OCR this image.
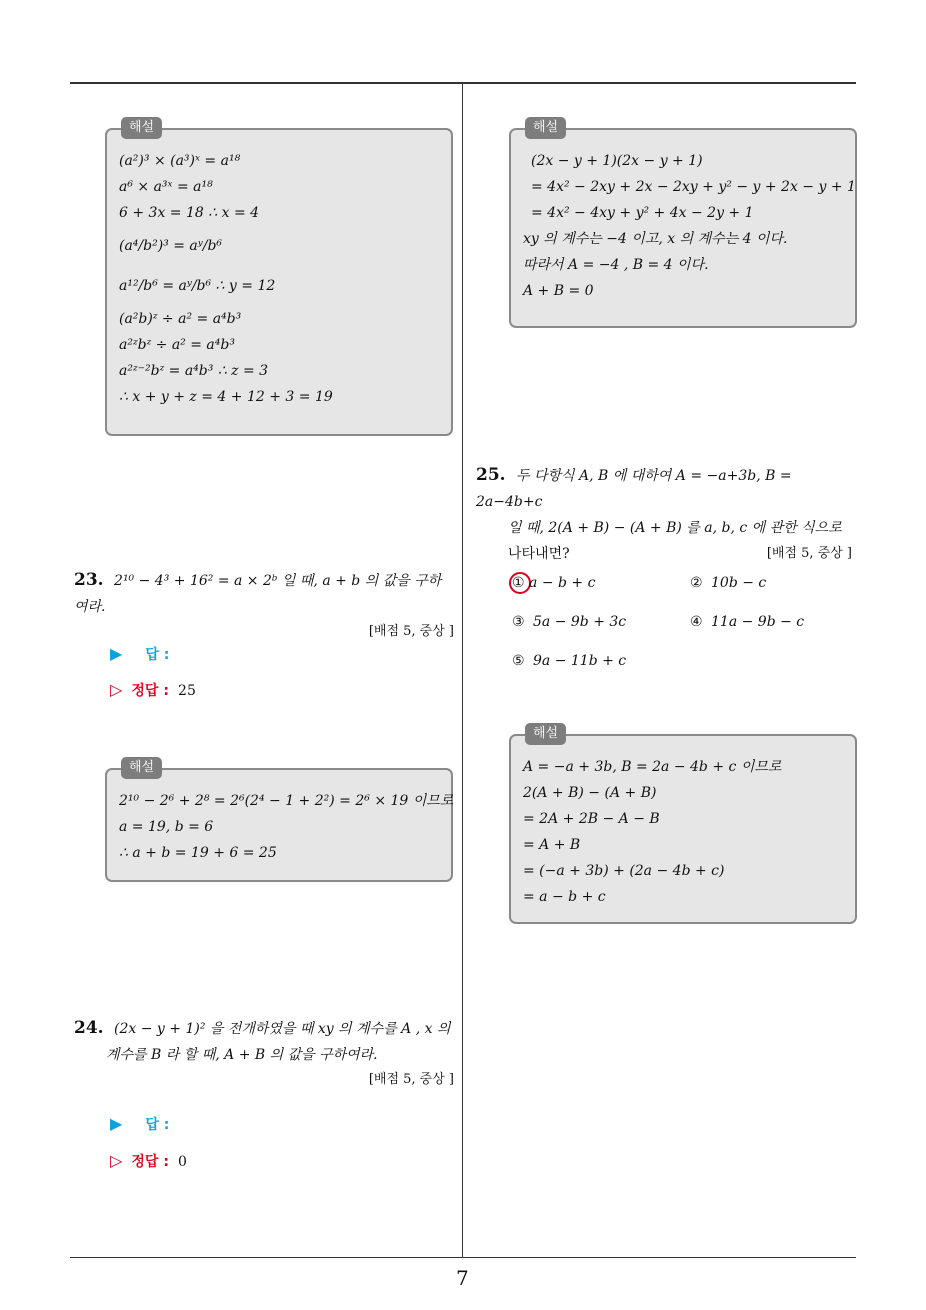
7
해설
(a²)³ × (a³)ˣ = a¹⁸
a⁶ × a³ˣ = a¹⁸
6 + 3x = 18 ∴ x = 4
(a⁴/b²)³ = aʸ/b⁶
a¹²/b⁶ = aʸ/b⁶ ∴ y = 12
(a²b)ᶻ ÷ a² = a⁴b³
a²ᶻbᶻ ÷ a² = a⁴b³
a²ᶻ⁻²bᶻ = a⁴b³ ∴ z = 3
∴ x + y + z = 4 + 12 + 3 = 19
23. 2¹⁰ − 4³ + 16² = a × 2ᵇ 일 때, a + b 의 값을 구하여라.
[배점 5, 중상 ]
▶ 답 :
▷ 정답 : 25
해설
2¹⁰ − 2⁶ + 2⁸ = 2⁶(2⁴ − 1 + 2²) = 2⁶ × 19 이므로
a = 19, b = 6
∴ a + b = 19 + 6 = 25
24. (2x − y + 1)² 을 전개하였을 때 xy 의 계수를 A , x 의
계수를 B 라 할 때, A + B 의 값을 구하여라.
[배점 5, 중상 ]
▶ 답 :
▷ 정답 : 0
해설
(2x − y + 1)(2x − y + 1)
= 4x² − 2xy + 2x − 2xy + y² − y + 2x − y + 1
= 4x² − 4xy + y² + 4x − 2y + 1
xy 의 계수는 −4 이고, x 의 계수는 4 이다.
따라서 A = −4 , B = 4 이다.
A + B = 0
25. 두 다항식 A, B 에 대하여 A = −a+3b, B = 2a−4b+c
일 때, 2(A + B) − (A + B) 를 a, b, c 에 관한 식으로
나타내면?	[배점 5, 중상 ]
① a − b + c	② 10b − c
③ 5a − 9b + 3c	④ 11a − 9b − c
⑤ 9a − 11b + c
해설
A = −a + 3b, B = 2a − 4b + c 이므로
2(A + B) − (A + B)
= 2A + 2B − A − B
= A + B
= (−a + 3b) + (2a − 4b + c)
= a − b + c
